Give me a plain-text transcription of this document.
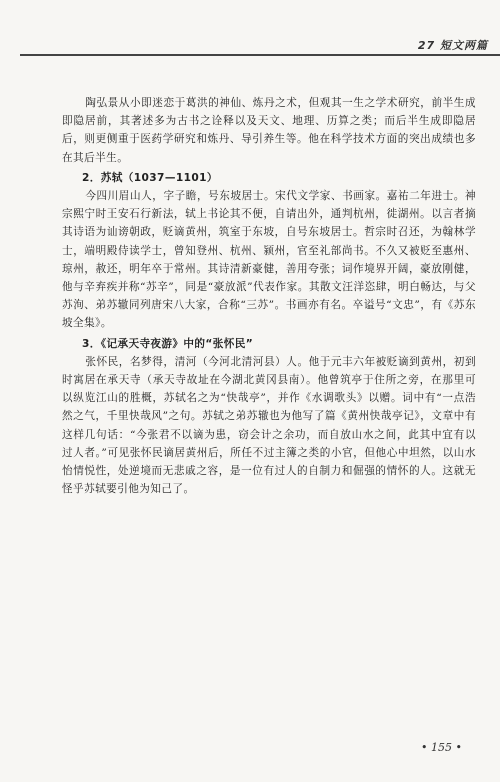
27 短文两篇

陶弘景从小即迷恋于葛洪的神仙、炼丹之术，但观其一生之学术研究，前半生成即隐居前，其著述多为古书之诠释以及天文、地理、历算之类；而后半生成即隐居后，则更侧重于医药学研究和炼丹、导引养生等。他在科学技术方面的突出成绩也多在其后半生。

2．苏轼（1037—1101）

今四川眉山人，字子瞻，号东坡居士。宋代文学家、书画家。嘉祐二年进士。神宗熙宁时王安石行新法，轼上书论其不便，自请出外，通判杭州，徙湖州。以言者摘其诗语为讪谤朝政，贬谪黄州，筑室于东坡，自号东坡居士。哲宗时召还，为翰林学士，端明殿侍读学士，曾知登州、杭州、颍州，官至礼部尚书。不久又被贬至惠州、琼州，赦还，明年卒于常州。其诗清新豪健，善用夸张；词作境界开阔，豪放刚健，他与辛弃疾并称“苏辛”，同是“豪放派”代表作家。其散文汪洋恣肆，明白畅达，与父苏洵、弟苏辙同列唐宋八大家，合称“三苏”。书画亦有名。卒谥号“文忠”，有《苏东坡全集》。

3．《记承天寺夜游》中的“张怀民”

张怀民，名梦得，清河（今河北清河县）人。他于元丰六年被贬谪到黄州，初到时寓居在承天寺（承天寺故址在今湖北黄冈县南）。他曾筑亭于住所之旁，在那里可以纵览江山的胜概，苏轼名之为“快哉亭”，并作《水调歌头》以赠。词中有“一点浩然之气，千里快哉风”之句。苏轼之弟苏辙也为他写了篇《黄州快哉亭记》，文章中有这样几句话：“今张君不以谪为患，窃会计之余功，而自放山水之间，此其中宜有以过人者。”可见张怀民谪居黄州后，所任不过主簿之类的小官，但他心中坦然，以山水怡情悦性，处逆境而无悲戚之容，是一位有过人的自制力和倔强的情怀的人。这就无怪乎苏轼要引他为知己了。

• 155 •
